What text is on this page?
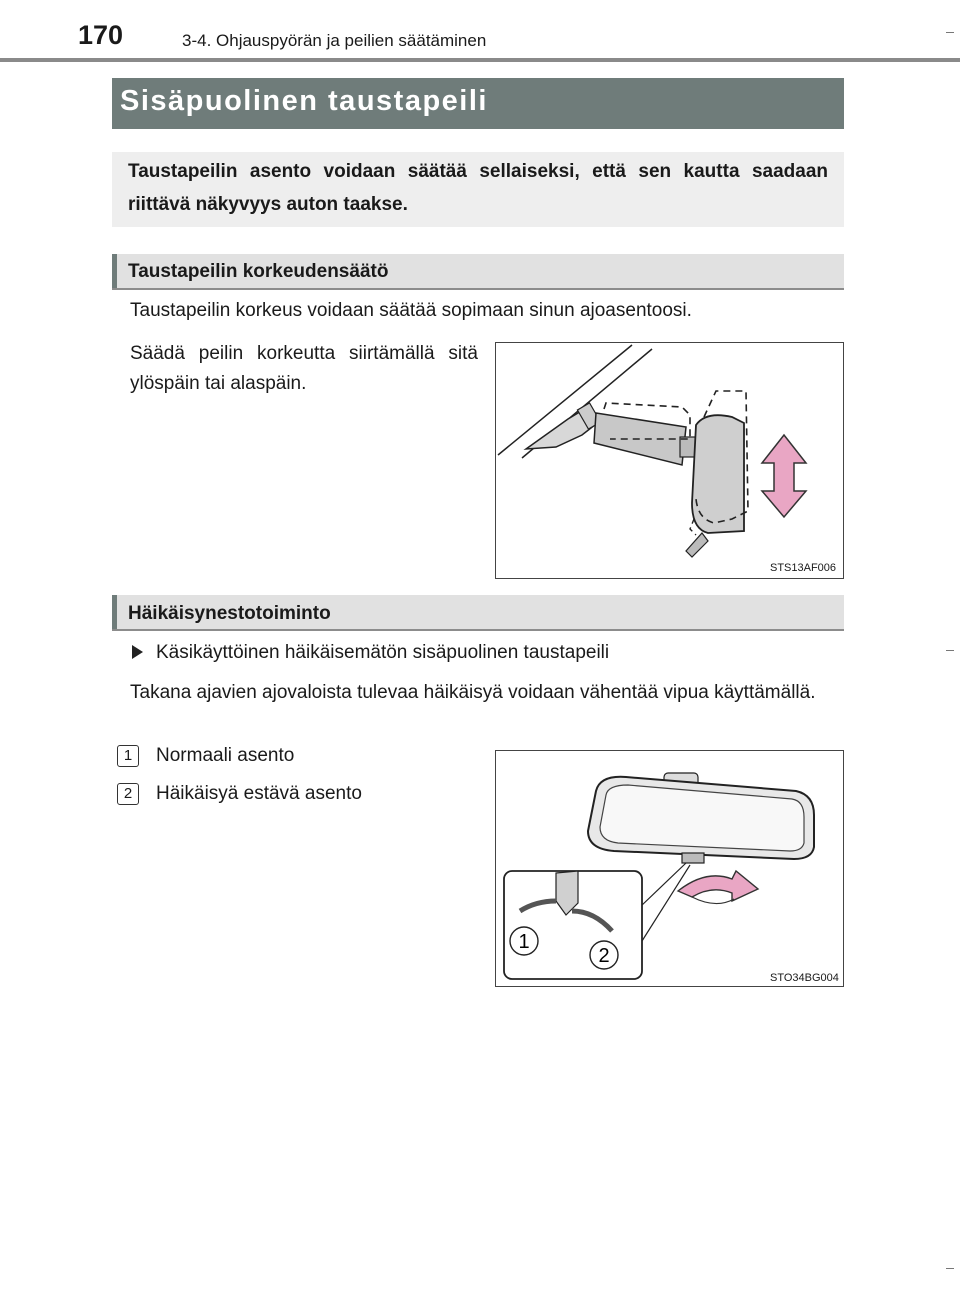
170	3-4. Ohjauspyörän ja peilien säätäminen
Sisäpuolinen taustapeili
Taustapeilin asento voidaan säätää sellaiseksi, että sen kautta saadaan riittävä näkyvyys auton taakse.
Taustapeilin korkeudensäätö
Taustapeilin korkeus voidaan säätää sopimaan sinun ajoasentoosi.
Säädä peilin korkeutta siirtämällä sitä ylöspäin tai alaspäin.
STS13AF006
Häikäisynestotoiminto
Käsikäyttöinen häikäisemätön sisäpuolinen taustapeili
Takana ajavien ajovaloista tulevaa häikäisyä voidaan vähentää vipua käyttämällä.
1	Normaali asento
2	Häikäisyä estävä asento
1
2
STO34BG004
